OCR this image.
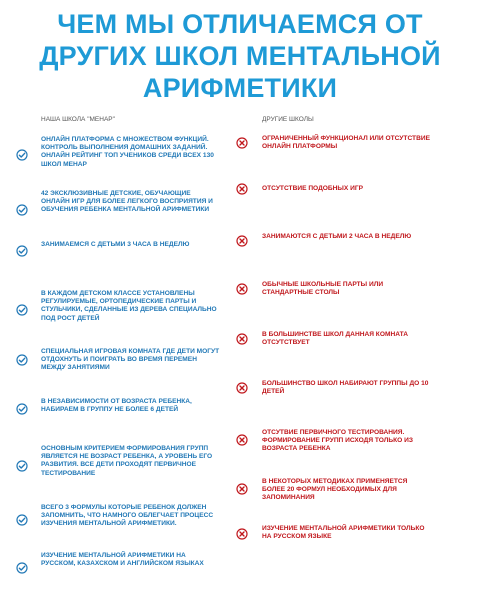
ЧЕМ МЫ ОТЛИЧАЕМСЯ ОТ
ДРУГИХ ШКОЛ МЕНТАЛЬНОЙ
АРИФМЕТИКИ
НАША ШКОЛА "МЕНАР"	ДРУГИЕ ШКОЛЫ
ОНЛАЙН ПЛАТФОРМА С МНОЖЕСТВОМ ФУНКЦИЙ. КОНТРОЛЬ ВЫПОЛНЕНИЯ ДОМАШНИХ ЗАДАНИЙ. ОНЛАЙН РЕЙТИНГ ТОП УЧЕНИКОВ СРЕДИ ВСЕХ 130 ШКОЛ МЕНАР
42 ЭКСКЛЮЗИВНЫЕ ДЕТСКИЕ, ОБУЧАЮЩИЕ ОНЛАЙН ИГР ДЛЯ БОЛЕЕ ЛЕГКОГО ВОСПРИЯТИЯ И ОБУЧЕНИЯ РЕБЕНКА МЕНТАЛЬНОЙ АРИФМЕТИКИ
ЗАНИМАЕМСЯ С ДЕТЬМИ 3 ЧАСА В НЕДЕЛЮ
В КАЖДОМ ДЕТСКОМ КЛАССЕ УСТАНОВЛЕНЫ РЕГУЛИРУЕМЫЕ, ОРТОПЕДИЧЕСКИЕ ПАРТЫ И СТУЛЬЧИКИ, СДЕЛАННЫЕ ИЗ ДЕРЕВА СПЕЦИАЛЬНО ПОД РОСТ ДЕТЕЙ
СПЕЦИАЛЬНАЯ ИГРОВАЯ КОМНАТА ГДЕ ДЕТИ МОГУТ ОТДОХНУТЬ И ПОИГРАТЬ ВО ВРЕМЯ ПЕРЕМЕН МЕЖДУ ЗАНЯТИЯМИ
В НЕЗАВИСИМОСТИ ОТ ВОЗРАСТА РЕБЕНКА, НАБИРАЕМ В ГРУППУ НЕ БОЛЕЕ 6 ДЕТЕЙ
ОСНОВНЫМ КРИТЕРИЕМ ФОРМИРОВАНИЯ ГРУПП ЯВЛЯЕТСЯ НЕ ВОЗРАСТ РЕБЕНКА, А УРОВЕНЬ ЕГО РАЗВИТИЯ. ВСЕ ДЕТИ ПРОХОДЯТ ПЕРВИЧНОЕ ТЕСТИРОВАНИЕ
ВСЕГО 3 ФОРМУЛЫ КОТОРЫЕ РЕБЕНОК ДОЛЖЕН ЗАПОМНИТЬ, ЧТО НАМНОГО ОБЛЕГЧАЕТ ПРОЦЕСС ИЗУЧЕНИЯ МЕНТАЛЬНОЙ АРИФМЕТИКИ.
ИЗУЧЕНИЕ МЕНТАЛЬНОЙ АРИФМЕТИКИ НА РУССКОМ, КАЗАХСКОМ И АНГЛИЙСКОМ ЯЗЫКАХ
ОГРАНИЧЕННЫЙ ФУНКЦИОНАЛ ИЛИ ОТСУТСТВИЕ ОНЛАЙН ПЛАТФОРМЫ
ОТСУТСТВИЕ ПОДОБНЫХ ИГР
ЗАНИМАЮТСЯ С ДЕТЬМИ 2 ЧАСА В НЕДЕЛЮ
ОБЫЧНЫЕ ШКОЛЬНЫЕ ПАРТЫ ИЛИ СТАНДАРТНЫЕ СТОЛЫ
В БОЛЬШИНСТВЕ ШКОЛ ДАННАЯ КОМНАТА ОТСУТСТВУЕТ
БОЛЬШИНСТВО ШКОЛ НАБИРАЮТ ГРУППЫ ДО 10 ДЕТЕЙ
ОТСУТВИЕ ПЕРВИЧНОГО ТЕСТИРОВАНИЯ. ФОРМИРОВАНИЕ ГРУПП ИСХОДЯ ТОЛЬКО ИЗ ВОЗРАСТА РЕБЕНКА
В НЕКОТОРЫХ МЕТОДИКАХ ПРИМЕНЯЕТСЯ БОЛЕЕ 20 ФОРМУЛ НЕОБХОДИМЫХ ДЛЯ ЗАПОМИНАНИЯ
ИЗУЧЕНИЕ МЕНТАЛЬНОЙ АРИФМЕТИКИ ТОЛЬКО НА РУССКОМ ЯЗЫКЕ
